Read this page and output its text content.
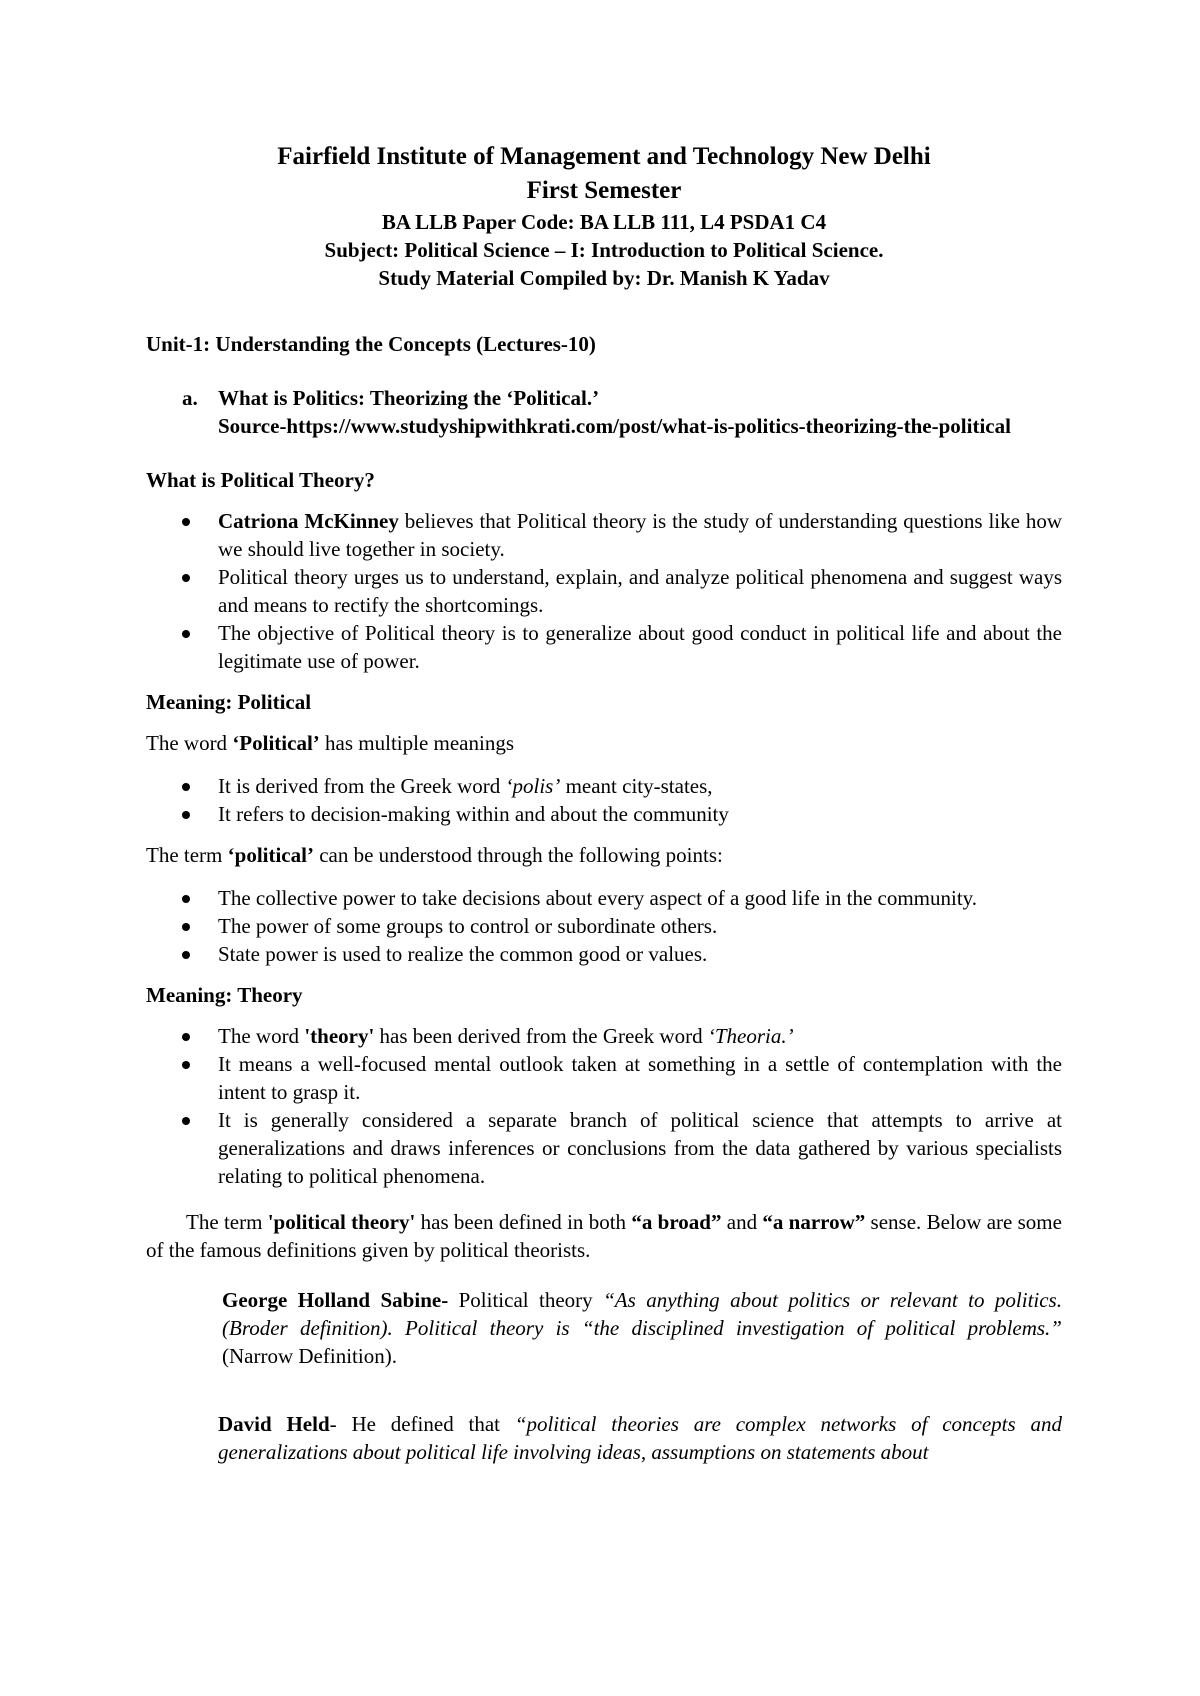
Fairfield Institute of Management and Technology New Delhi
First Semester
BA LLB Paper Code: BA LLB 111, L4 PSDA1 C4
Subject: Political Science – I: Introduction to Political Science.
Study Material Compiled by: Dr. Manish K Yadav
Unit-1: Understanding the Concepts (Lectures-10)
a. What is Politics: Theorizing the ‘Political.’
Source-https://www.studyshipwithkrati.com/post/what-is-politics-theorizing-the-political
What is Political Theory?
Catriona McKinney believes that Political theory is the study of understanding questions like how we should live together in society.
Political theory urges us to understand, explain, and analyze political phenomena and suggest ways and means to rectify the shortcomings.
The objective of Political theory is to generalize about good conduct in political life and about the legitimate use of power.
Meaning: Political
The word ‘Political’ has multiple meanings
It is derived from the Greek word ‘polis’ meant city-states,
It refers to decision-making within and about the community
The term ‘political’ can be understood through the following points:
The collective power to take decisions about every aspect of a good life in the community.
The power of some groups to control or subordinate others.
State power is used to realize the common good or values.
Meaning: Theory
The word 'theory' has been derived from the Greek word ‘Theoria.’
It means a well-focused mental outlook taken at something in a settle of contemplation with the intent to grasp it.
It is generally considered a separate branch of political science that attempts to arrive at generalizations and draws inferences or conclusions from the data gathered by various specialists relating to political phenomena.
The term 'political theory' has been defined in both “a broad” and “a narrow” sense. Below are some of the famous definitions given by political theorists.
George Holland Sabine- Political theory “As anything about politics or relevant to politics. (Broder definition). Political theory is “the disciplined investigation of political problems.” (Narrow Definition).
David Held- He defined that “political theories are complex networks of concepts and generalizations about political life involving ideas, assumptions on statements about
